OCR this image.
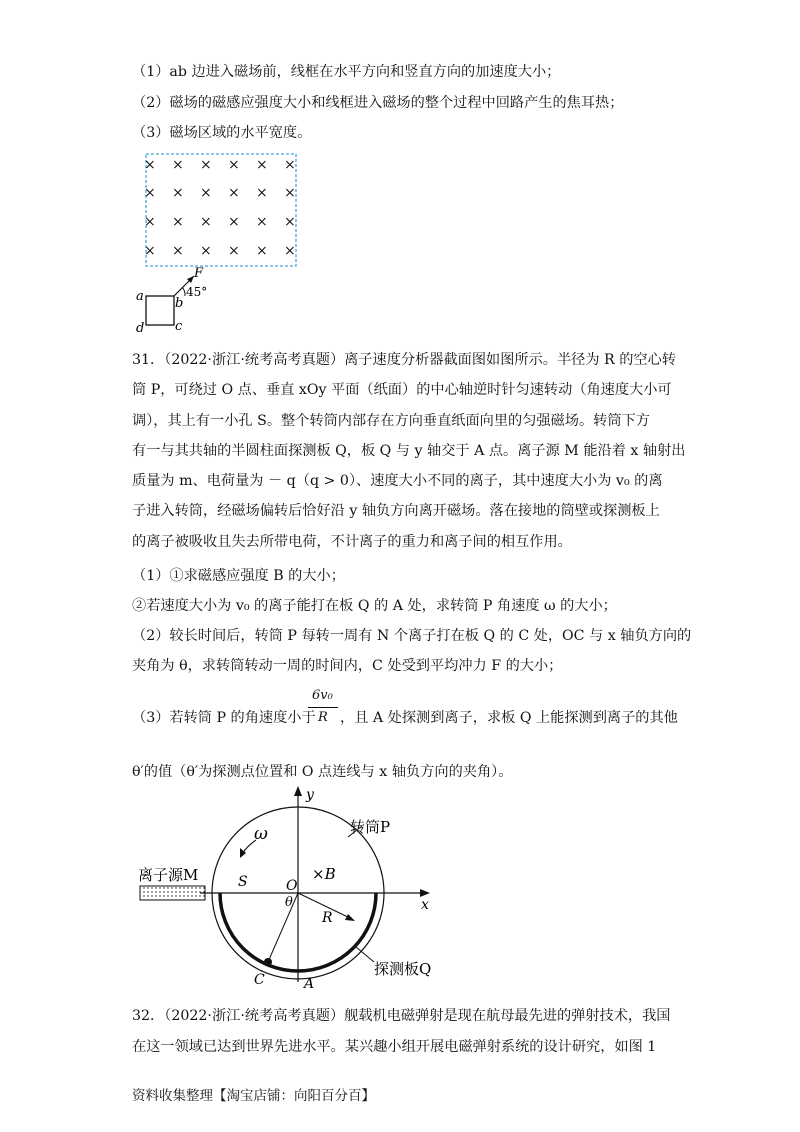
（1）ab 边进入磁场前，线框在水平方向和竖直方向的加速度大小；
（2）磁场的磁感应强度大小和线框进入磁场的整个过程中回路产生的焦耳热；
（3）磁场区域的水平宽度。
× × × × × ×
× × × × × ×
× × × × × ×
× × × × × ×
F
45°
a b
c
d
31．（2022·浙江·统考高考真题）离子速度分析器截面图如图所示。半径为 R 的空心转
筒 P，可绕过 O 点、垂直 xOy 平面（纸面）的中心轴逆时针匀速转动（角速度大小可
调），其上有一小孔 S。整个转筒内部存在方向垂直纸面向里的匀强磁场。转筒下方
有一与其共轴的半圆柱面探测板 Q，板 Q 与 y 轴交于 A 点。离子源 M 能沿着 x 轴射出
质量为 m、电荷量为 － q（q > 0）、速度大小不同的离子，其中速度大小为 v₀ 的离
子进入转筒，经磁场偏转后恰好沿 y 轴负方向离开磁场。落在接地的筒壁或探测板上
的离子被吸收且失去所带电荷，不计离子的重力和离子间的相互作用。
（1）①求磁感应强度 B 的大小；
②若速度大小为 v₀ 的离子能打在板 Q 的 A 处，求转筒 P 角速度 ω 的大小；
（2）较长时间后，转筒 P 每转一周有 N 个离子打在板 Q 的 C 处，OC 与 x 轴负方向的
夹角为 θ，求转筒转动一周的时间内，C 处受到平均冲力 F 的大小；
（3）若转筒 P 的角速度小于
6v₀
R ，且 A 处探测到离子，求板 Q 上能探测到离子的其他
θ′的值（θ′为探测点位置和 O 点连线与 x 轴负方向的夹角）。
y
x
离子源M
ω	转筒P
S	O
×B
θ
R
C	A
探测板Q
32．（2022·浙江·统考高考真题）舰载机电磁弹射是现在航母最先进的弹射技术，我国
在这一领域已达到世界先进水平。某兴趣小组开展电磁弹射系统的设计研究，如图 1
资料收集整理【淘宝店铺：向阳百分百】
